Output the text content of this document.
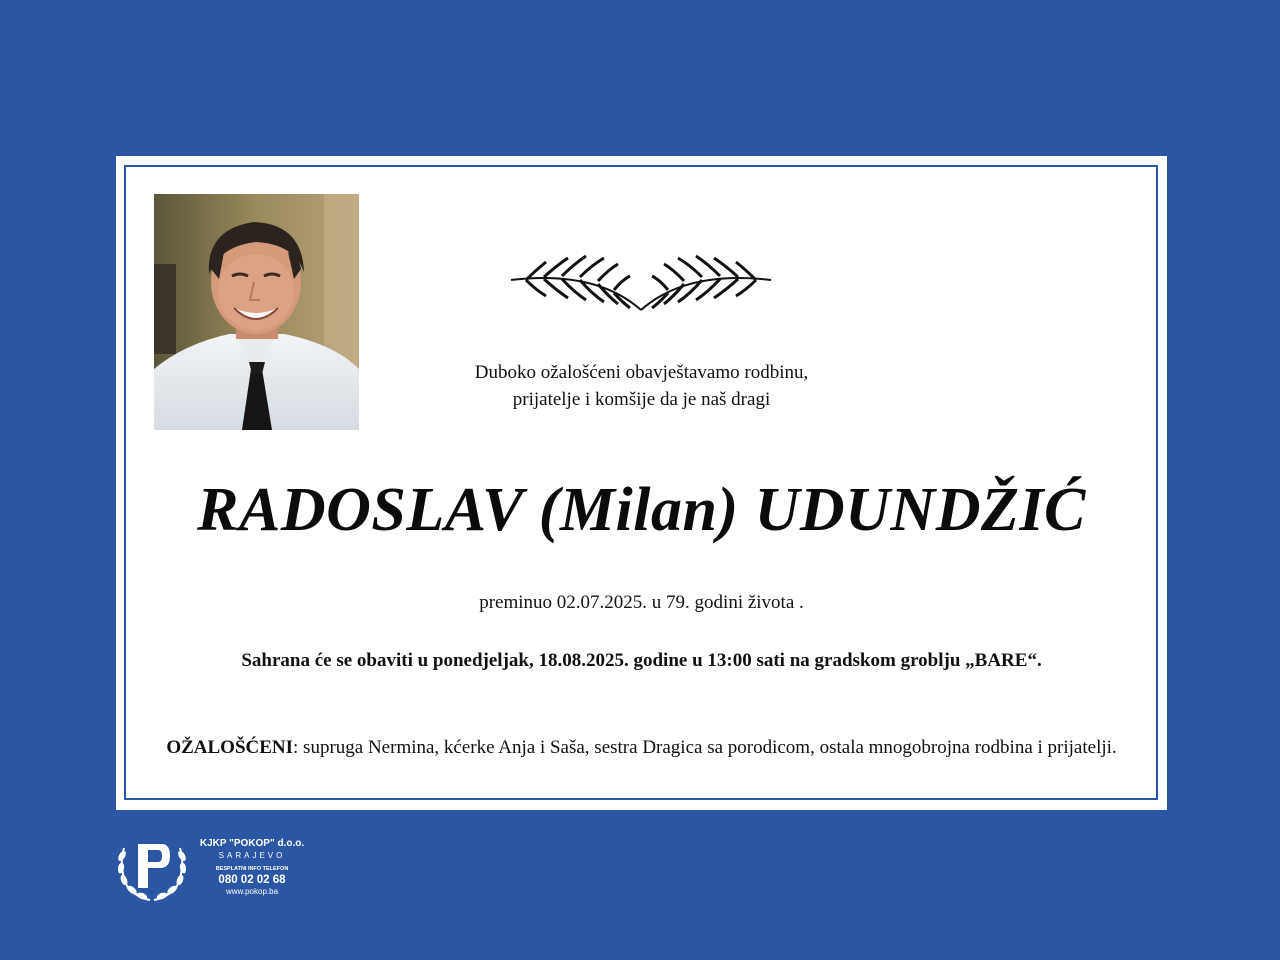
Duboko ožalošćeni obavještavamo rodbinu,
prijatelje i komšije da je naš dragi
RADOSLAV (Milan) UDUNDŽIĆ
preminuo 02.07.2025. u 79. godini života .
Sahrana će se obaviti u ponedjeljak, 18.08.2025. godine u 13:00 sati na gradskom groblju „BARE“.
OŽALOŠĆENI: supruga Nermina, kćerke Anja i Saša, sestra Dragica sa porodicom, ostala mnogobrojna rodbina i prijatelji.
KJKP "POKOP" d.o.o.
SARAJEVO
BESPLATNI INFO TELEFON
080 02 02 68
www.pokop.ba
